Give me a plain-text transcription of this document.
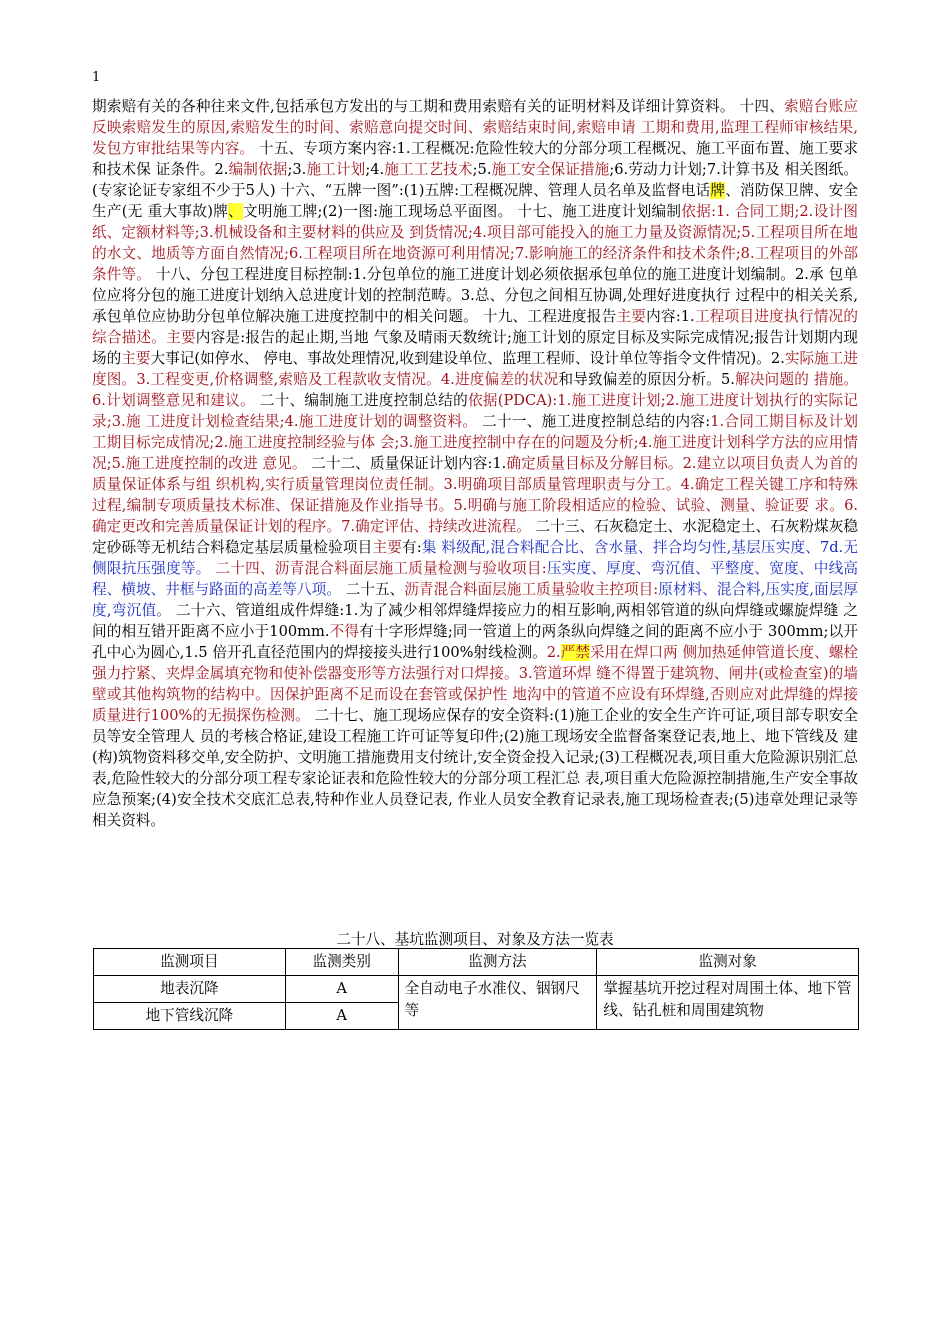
1
期索赔有关的各种往来文件,包括承包方发出的与工期和费用索赔有关的证明材料及详细计算资料。 十四、索赔台账应反映索赔发生的原因,索赔发生的时间、索赔意向提交时间、索赔结束时间,索赔申请 工期和费用,监理工程师审核结果,发包方审批结果等内容。 十五、专项方案内容:1.工程概况:危险性较大的分部分项工程概况、施工平面布置、施工要求和技术保 证条件。2.编制依据;3.施工计划;4.施工工艺技术;5.施工安全保证措施;6.劳动力计划;7.计算书及 相关图纸。(专家论证专家组不少于5人) 十六、“五牌一图”:(1)五牌:工程概况牌、管理人员名单及监督电话牌、消防保卫牌、安全生产(无 重大事故)牌、文明施工牌;(2)一图:施工现场总平面图。 十七、施工进度计划编制依据:1. 合同工期;2.设计图纸、定额材料等;3.机械设备和主要材料的供应及 到货情况;4.项目部可能投入的施工力量及资源情况;5.工程项目所在地的水文、地质等方面自然情况;6.工程项目所在地资源可利用情况;7.影响施工的经济条件和技术条件;8.工程项目的外部条件等。 十八、分包工程进度目标控制:1.分包单位的施工进度计划必须依据承包单位的施工进度计划编制。2.承 包单位应将分包的施工进度计划纳入总进度计划的控制范畴。3.总、分包之间相互协调,处理好进度执行 过程中的相关关系,承包单位应协助分包单位解决施工进度控制中的相关问题。 十九、工程进度报告主要内容:1.工程项目进度执行情况的综合描述。主要内容是:报告的起止期,当地 气象及晴雨天数统计;施工计划的原定目标及实际完成情况;报告计划期内现场的主要大事记(如停水、 停电、事故处理情况,收到建设单位、监理工程师、设计单位等指令文件情况)。2.实际施工进度图。3.工程变更,价格调整,索赔及工程款收支情况。4.进度偏差的状况和导致偏差的原因分析。5.解决问题的 措施。6.计划调整意见和建议。 二十、编制施工进度控制总结的依据(PDCA):1.施工进度计划;2.施工进度计划执行的实际记录;3.施 工进度计划检查结果;4.施工进度计划的调整资料。 二十一、施工进度控制总结的内容:1.合同工期目标及计划工期目标完成情况;2.施工进度控制经验与体 会;3.施工进度控制中存在的问题及分析;4.施工进度计划科学方法的应用情况;5.施工进度控制的改进 意见。 二十二、质量保证计划内容:1.确定质量目标及分解目标。2.建立以项目负责人为首的质量保证体系与组 织机构,实行质量管理岗位责任制。3.明确项目部质量管理职责与分工。4.确定工程关键工序和特殊过程,编制专项质量技术标准、保证措施及作业指导书。5.明确与施工阶段相适应的检验、试验、测量、验证要 求。6.确定更改和完善质量保证计划的程序。7.确定评估、持续改进流程。 二十三、石灰稳定土、水泥稳定土、石灰粉煤灰稳定砂砾等无机结合料稳定基层质量检验项目主要有:集 料级配,混合料配合比、含水量、拌合均匀性,基层压实度、7d.无侧限抗压强度等。 二十四、沥青混合料面层施工质量检测与验收项目:压实度、厚度、弯沉值、平整度、宽度、中线高程、横坡、井框与路面的高差等八项。 二十五、沥青混合料面层施工质量验收主控项目:原材料、混合料,压实度,面层厚度,弯沉值。 二十六、管道组成件焊缝:1.为了减少相邻焊缝焊接应力的相互影响,两相邻管道的纵向焊缝或螺旋焊缝 之间的相互错开距离不应小于100mm.不得有十字形焊缝;同一管道上的两条纵向焊缝之间的距离不应小于 300mm;以开孔中心为圆心,1.5 倍开孔直径范围内的焊接接头进行100%射线检测。2.严禁采用在焊口两 侧加热延伸管道长度、螺栓强力拧紧、夹焊金属填充物和使补偿器变形等方法强行对口焊接。3.管道环焊 缝不得置于建筑物、闸井(或检查室)的墙壁或其他构筑物的结构中。因保护距离不足而设在套管或保护性 地沟中的管道不应设有环焊缝,否则应对此焊缝的焊接质量进行100%的无损探伤检测。 二十七、施工现场应保存的安全资料:(1)施工企业的安全生产许可证,项目部专职安全员等安全管理人 员的考核合格证,建设工程施工许可证等复印件;(2)施工现场安全监督备案登记表,地上、地下管线及 建(构)筑物资料移交单,安全防护、文明施工措施费用支付统计,安全资金投入记录;(3)工程概况表,项目重大危险源识别汇总表,危险性较大的分部分项工程专家论证表和危险性较大的分部分项工程汇总 表,项目重大危险源控制措施,生产安全事故应急预案;(4)安全技术交底汇总表,特种作业人员登记表, 作业人员安全教育记录表,施工现场检查表;(5)违章处理记录等相关资料。
二十八、基坑监测项目、对象及方法一览表
监测项目	监测类别	监测方法	监测对象
地表沉降	A	全自动电子水准仪、铟钢尺等	掌握基坑开挖过程对周围土体、地下管线、钻孔桩和周围建筑物
地下管线沉降	A		
